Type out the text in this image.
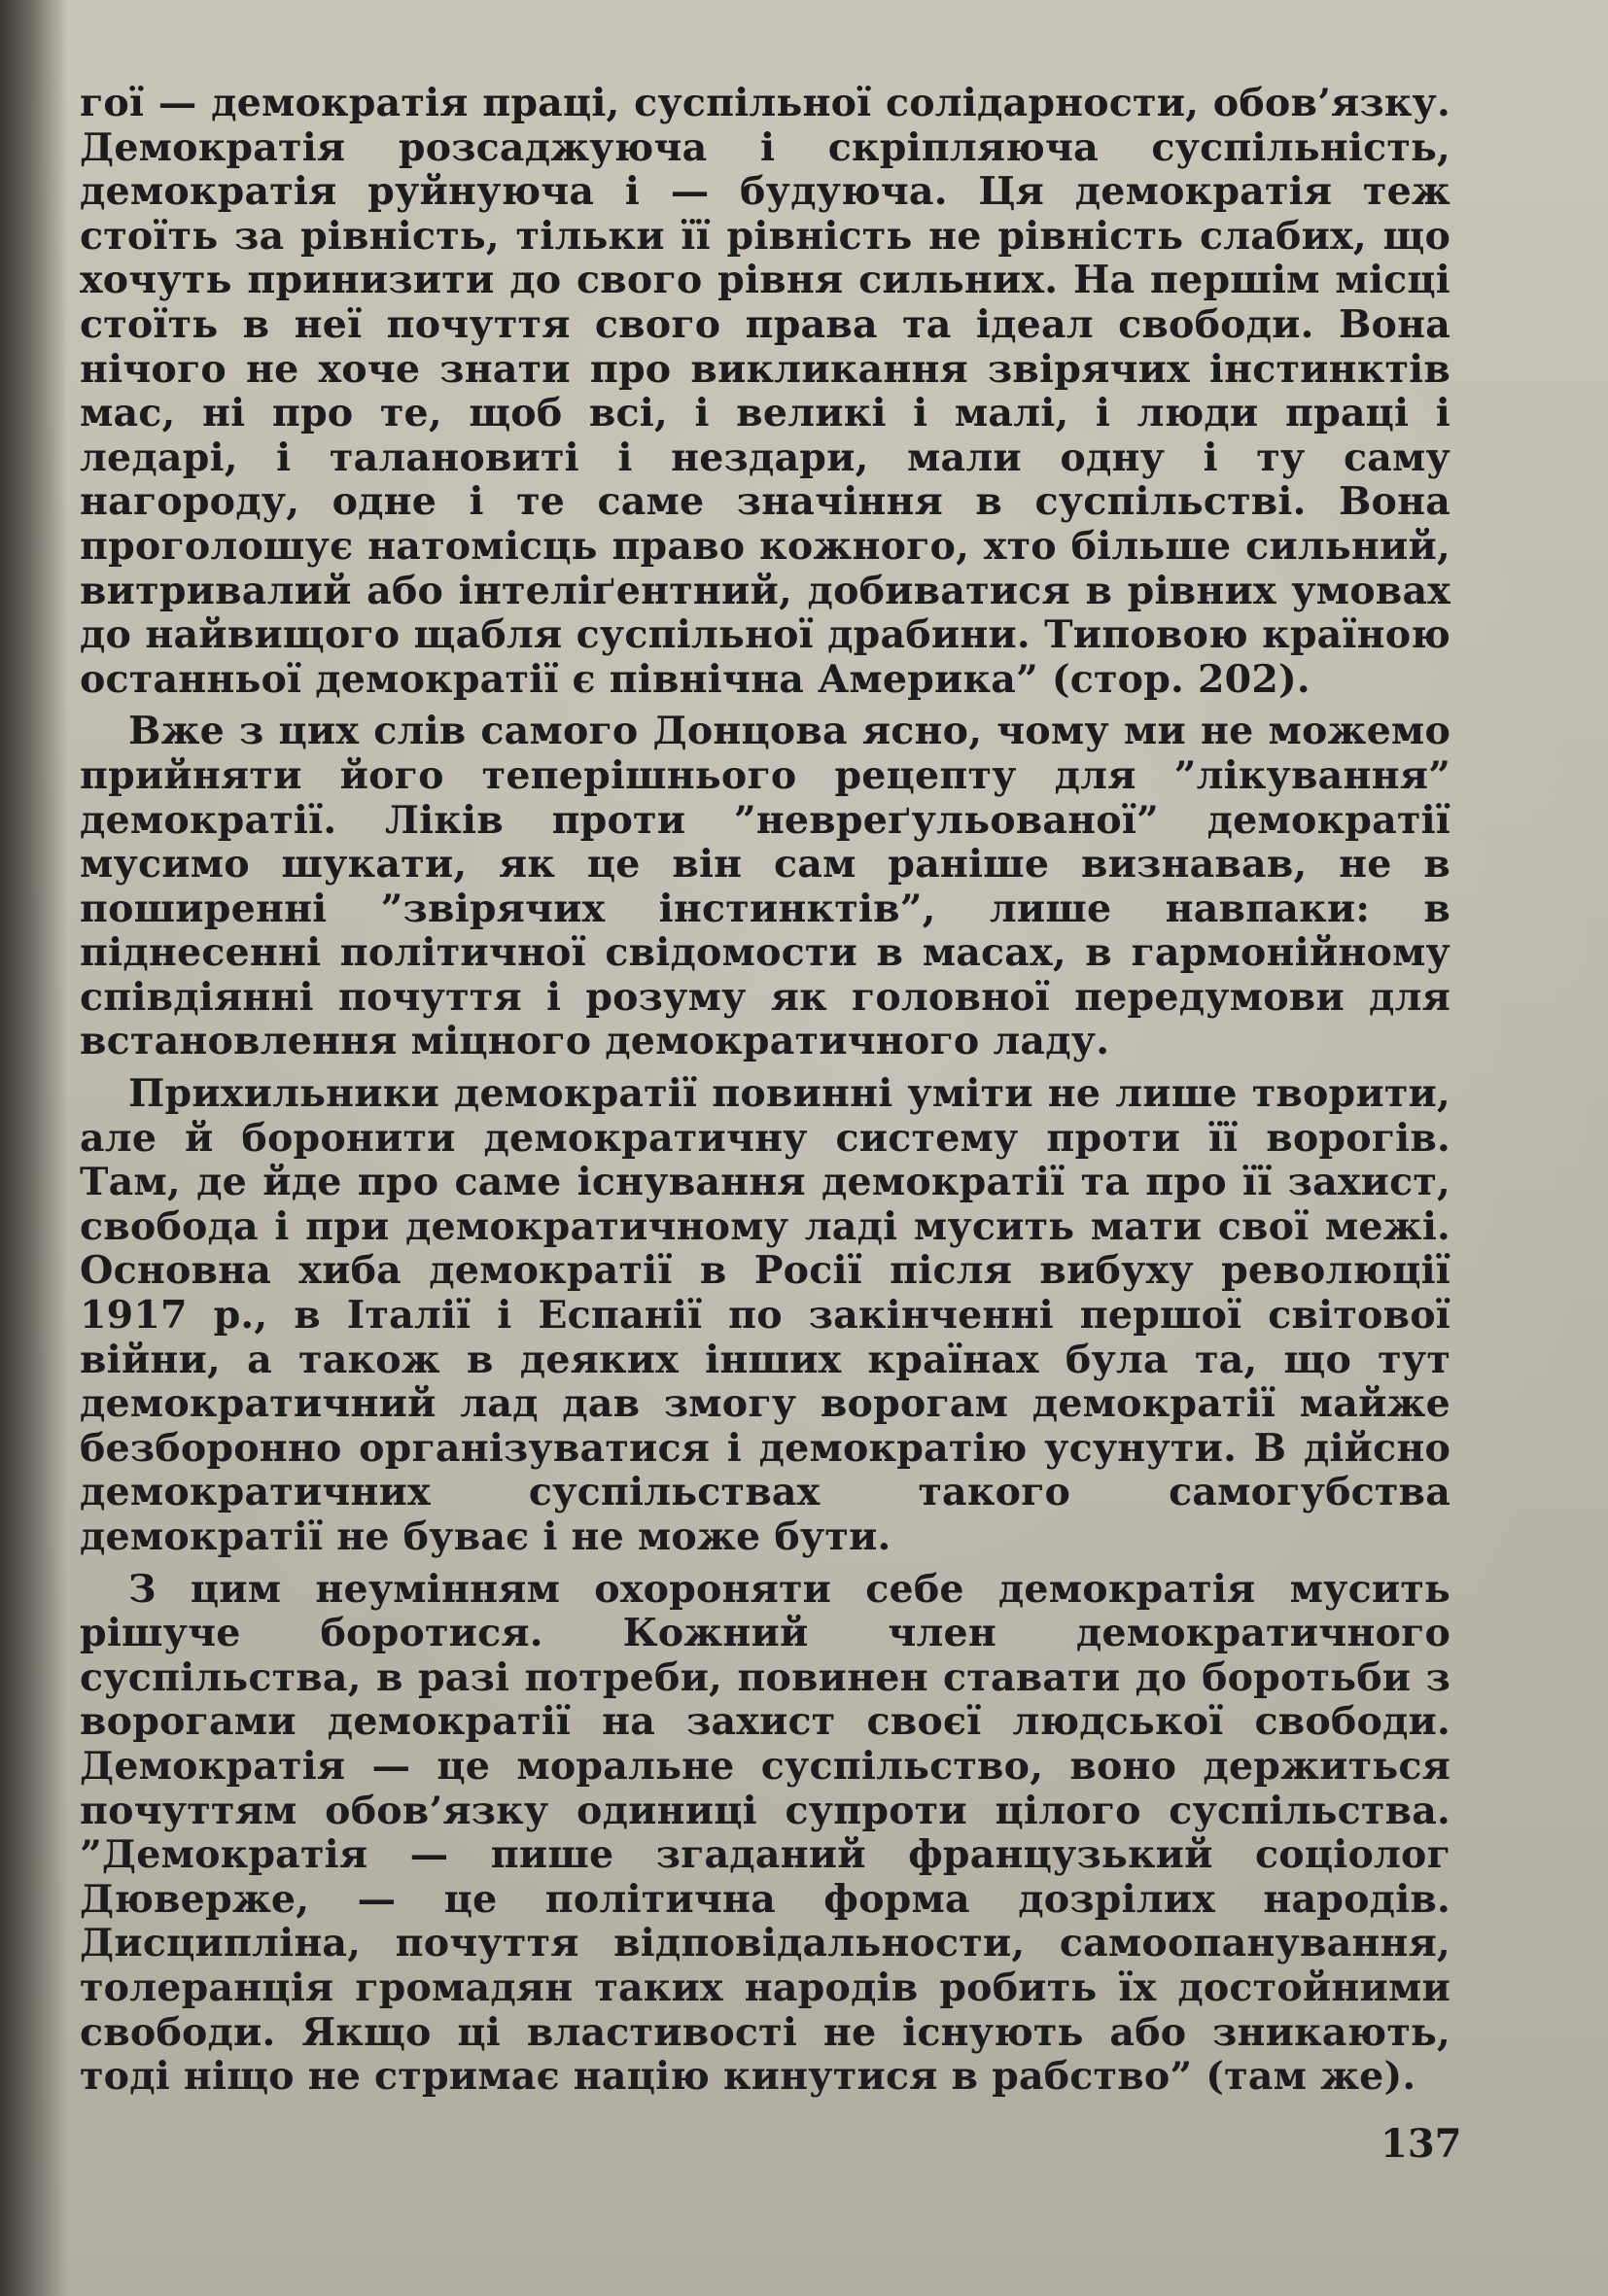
гої — демократія праці, суспільної солідарности, обов’язку. Демократія розсаджуюча і скріпляюча суспільність, демократія руйнуюча і — будуюча. Ця демократія теж стоїть за рівність, тільки її рівність не рівність слабих, що хочуть принизити до свого рівня сильних. На першім місці стоїть в неї почуття свого права та ідеал свободи. Вона нічого не хоче знати про викликання звірячих інстинктів мас, ні про те, щоб всі, і великі і малі, і люди праці і ледарі, і талановиті і нездари, мали одну і ту саму нагороду, одне і те саме значіння в суспільстві. Вона проголошує натомісць право кожного, хто більше сильний, витривалий або інтеліґентний, добиватися в рівних умовах до найвищого щабля суспільної драбини. Типовою країною останньої демократії є північна Америка” (стор. 202).

Вже з цих слів самого Донцова ясно, чому ми не можемо прийняти його теперішнього рецепту для ”лікування” демократії. Ліків проти ”невреґульованої” демократії мусимо шукати, як це він сам раніше визнавав, не в поширенні ”звірячих інстинктів”, лише навпаки: в піднесенні політичної свідомости в масах, в гармонійному співдіянні почуття і розуму як головної передумови для встановлення міцного демократичного ладу.

Прихильники демократії повинні уміти не лише творити, але й боронити демократичну систему проти її ворогів. Там, де йде про саме існування демократії та про її захист, свобода і при демократичному ладі мусить мати свої межі. Основна хиба демократії в Росії після вибуху революції 1917 р., в Італії і Еспанії по закінченні першої світової війни, а також в деяких інших країнах була та, що тут демократичний лад дав змогу ворогам демократії майже безборонно організуватися і демократію усунути. В дійсно демократичних суспільствах такого самогубства демократії не буває і не може бути.

З цим неумінням охороняти себе демократія мусить рішуче боротися. Кожний член демократичного суспільства, в разі потреби, повинен ставати до боротьби з ворогами демократії на захист своєї людської свободи. Демократія — це моральне суспільство, воно держиться почуттям обов’язку одиниці супроти цілого суспільства. ”Демократія — пише згаданий французький соціолог Дюверже, — це політична форма дозрілих народів. Дисципліна, почуття відповідальности, самоопанування, толеранція громадян таких народів робить їх достойними свободи. Якщо ці властивості не існують або зникають, тоді ніщо не стримає націю кинутися в рабство” (там же).

137
